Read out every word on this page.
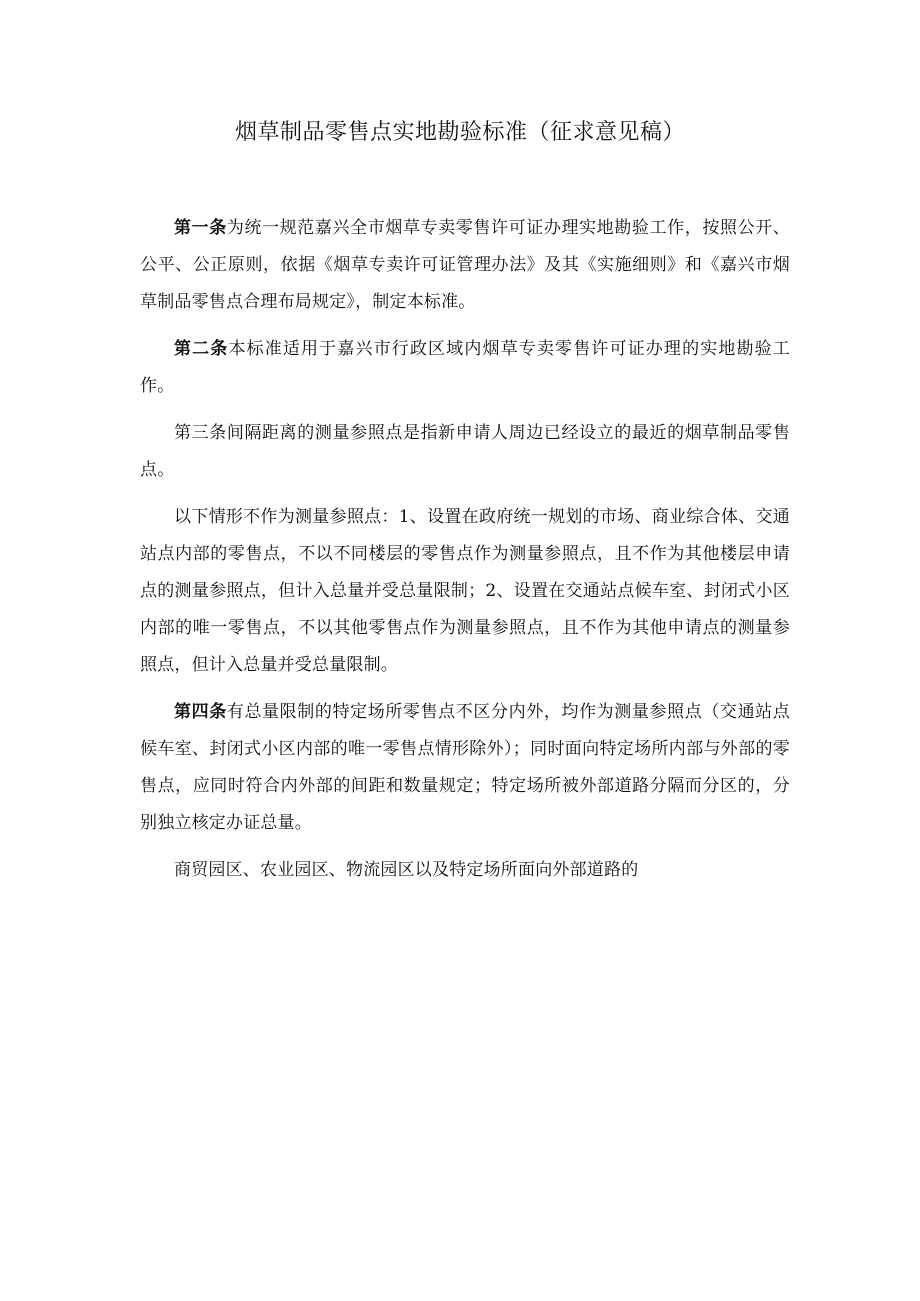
烟草制品零售点实地勘验标准（征求意见稿）

第一条为统一规范嘉兴全市烟草专卖零售许可证办理实地勘验工作，按照公开、公平、公正原则，依据《烟草专卖许可证管理办法》及其《实施细则》和《嘉兴市烟草制品零售点合理布局规定》，制定本标准。

第二条本标准适用于嘉兴市行政区域内烟草专卖零售许可证办理的实地勘验工作。

第三条间隔距离的测量参照点是指新申请人周边已经设立的最近的烟草制品零售点。

以下情形不作为测量参照点：1、设置在政府统一规划的市场、商业综合体、交通站点内部的零售点，不以不同楼层的零售点作为测量参照点，且不作为其他楼层申请点的测量参照点，但计入总量并受总量限制；2、设置在交通站点候车室、封闭式小区内部的唯一零售点，不以其他零售点作为测量参照点，且不作为其他申请点的测量参照点，但计入总量并受总量限制。

第四条有总量限制的特定场所零售点不区分内外，均作为测量参照点（交通站点候车室、封闭式小区内部的唯一零售点情形除外）；同时面向特定场所内部与外部的零售点，应同时符合内外部的间距和数量规定；特定场所被外部道路分隔而分区的，分别独立核定办证总量。

商贸园区、农业园区、物流园区以及特定场所面向外部道路的
